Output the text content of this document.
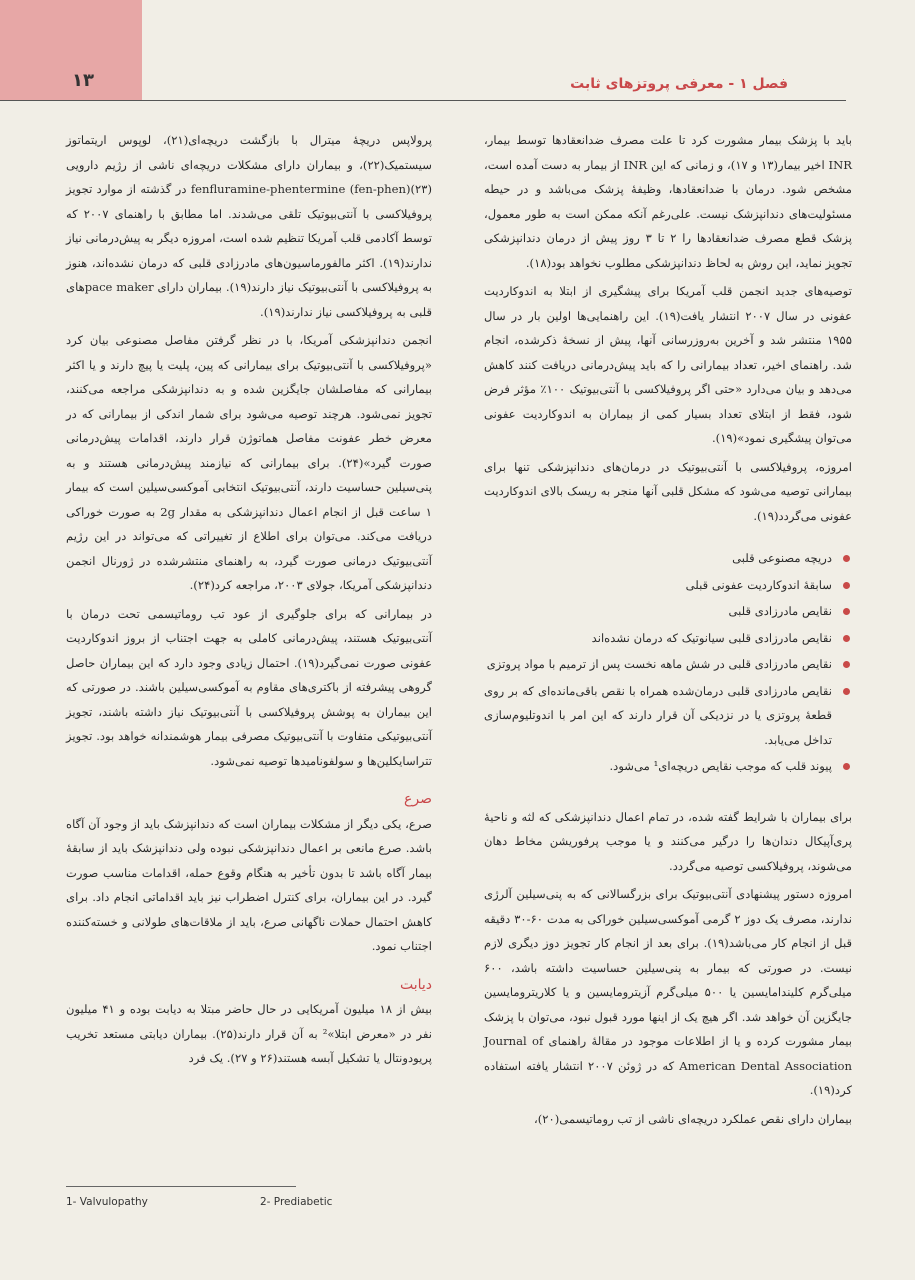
۱۳	فصل ۱ - معرفی پروتزهای ثابت

باید با پزشک بیمار مشورت کرد تا علت مصرف ضدانعقادها توسط بیمار، INR اخیر بیمار(۱۳ و ۱۷)، و زمانی که این INR از بیمار به دست آمده است، مشخص شود. درمان با ضدانعقادها، وظیفهٔ پزشک می‌باشد و در حیطه مسئولیت‌های دندانپزشک نیست. علی‌رغم آنکه ممکن است به طور معمول، پزشک قطع مصرف ضدانعقادها را ۲ تا ۳ روز پیش از درمان دندانپزشکی تجویز نماید، این روش به لحاظ دندانپزشکی مطلوب نخواهد بود(۱۸).

توصیه‌های جدید انجمن قلب آمریکا برای پیشگیری از ابتلا به اندوکاردیت عفونی در سال ۲۰۰۷ انتشار یافت(۱۹). این راهنمایی‌ها اولین بار در سال ۱۹۵۵ منتشر شد و آخرین به‌روزرسانی آنها، پیش از نسخهٔ ذکرشده، انجام شد. راهنمای اخیر، تعداد بیمارانی را که باید پیش‌درمانی دریافت کنند کاهش می‌دهد و بیان می‌دارد «حتی اگر پروفیلاکسی با آنتی‌بیوتیک ۱۰۰٪ مؤثر فرض شود، فقط از ابتلای تعداد بسیار کمی از بیماران به اندوکاردیت عفونی می‌توان پیشگیری نمود»(۱۹).

امروزه، پروفیلاکسی با آنتی‌بیوتیک در درمان‌های دندانپزشکی تنها برای بیمارانی توصیه می‌شود که مشکل قلبی آنها منجر به ریسک بالای اندوکاردیت عفونی می‌گردد(۱۹).

دریچه مصنوعی قلبی
سابقهٔ اندوکاردیت عفونی قبلی
نقایص مادرزادی قلبی
نقایص مادرزادی قلبی سیانوتیک که درمان نشده‌اند
نقایص مادرزادی قلبی در شش ماهه نخست پس از ترمیم با مواد پروتزی
نقایص مادرزادی قلبی درمان‌شده همراه با نقص باقی‌مانده‌ای که بر روی قطعهٔ پروتزی یا در نزدیکی آن قرار دارند که این امر با اندوتلیوم‌سازی تداخل می‌یابد.
پیوند قلب که موجب نقایص دریچه‌ای¹ می‌شود.

برای بیماران با شرایط گفته شده، در تمام اعمال دندانپزشکی که لثه و ناحیهٔ پری‌آپیکال دندان‌ها را درگیر می‌کنند و یا موجب پرفوریشن مخاط دهان می‌شوند، پروفیلاکسی توصیه می‌گردد.

امروزه دستور پیشنهادی آنتی‌بیوتیک برای بزرگسالانی که به پنی‌سیلین آلرژی ندارند، مصرف یک دوز ۲ گرمی آموکسی‌سیلین خوراکی به مدت ۶۰-۳۰ دقیقه قبل از انجام کار می‌باشد(۱۹). برای بعد از انجام کار تجویز دوز دیگری لازم نیست. در صورتی که بیمار به پنی‌سیلین حساسیت داشته باشد، ۶۰۰ میلی‌گرم کلیندامایسین یا ۵۰۰ میلی‌گرم آزیترومایسین و یا کلاریترومایسین جایگزین آن خواهد شد. اگر هیچ یک از اینها مورد قبول نبود، می‌توان با پزشک بیمار مشورت کرده و یا از اطلاعات موجود در مقالهٔ راهنمای Journal of American Dental Association که در ژوئن ۲۰۰۷ انتشار یافته استفاده کرد(۱۹).

بیماران دارای نقص عملکرد دریچه‌ای ناشی از تب روماتیسمی(۲۰)،

پرولاپس دریچهٔ میترال با بازگشت دریچه‌ای(۲۱)، لوپوس اریتماتوز سیستمیک(۲۲)، و بیماران دارای مشکلات دریچه‌ای ناشی از رژیم دارویی fenfluramine-phentermine (fen-phen)(۲۳) در گذشته از موارد تجویز پروفیلاکسی با آنتی‌بیوتیک تلقی می‌شدند. اما مطابق با راهنمای ۲۰۰۷ که توسط آکادمی قلب آمریکا تنظیم شده است، امروزه دیگر به پیش‌درمانی نیاز ندارند(۱۹). اکثر مالفورماسیون‌های مادرزادی قلبی که درمان نشده‌اند، هنوز به پروفیلاکسی با آنتی‌بیوتیک نیاز دارند(۱۹). بیماران دارای pace maker‌های قلبی به پروفیلاکسی نیاز ندارند(۱۹).

انجمن دندانپزشکی آمریکا، با در نظر گرفتن مفاصل مصنوعی بیان کرد «پروفیلاکسی با آنتی‌بیوتیک برای بیمارانی که پین، پلیت یا پیچ دارند و یا اکثر بیمارانی که مفاصلشان جایگزین شده و به دندانپزشکی مراجعه می‌کنند، تجویز نمی‌شود. هرچند توصیه می‌شود برای شمار اندکی از بیمارانی که در معرض خطر عفونت مفاصل هماتوژن قرار دارند، اقدامات پیش‌درمانی صورت گیرد»(۲۴). برای بیمارانی که نیازمند پیش‌درمانی هستند و به پنی‌سیلین حساسیت دارند، آنتی‌بیوتیک انتخابی آموکسی‌سیلین است که بیمار ۱ ساعت قبل از انجام اعمال دندانپزشکی به مقدار 2g به صورت خوراکی دریافت می‌کند. می‌توان برای اطلاع از تغییراتی که می‌تواند در این رژیم آنتی‌بیوتیک درمانی صورت گیرد، به راهنمای منتشرشده در ژورنال انجمن دندانپزشکی آمریکا، جولای ۲۰۰۳، مراجعه کرد(۲۴).

در بیمارانی که برای جلوگیری از عود تب روماتیسمی تحت درمان با آنتی‌بیوتیک هستند، پیش‌درمانی کاملی به جهت اجتناب از بروز اندوکاردیت عفونی صورت نمی‌گیرد(۱۹). احتمال زیادی وجود دارد که این بیماران حاصل گروهی پیشرفته از باکتری‌های مقاوم به آموکسی‌سیلین باشند. در صورتی که این بیماران به پوشش پروفیلاکسی با آنتی‌بیوتیک نیاز داشته باشند، تجویز آنتی‌بیوتیکی متفاوت با آنتی‌بیوتیک مصرفی بیمار هوشمندانه خواهد بود. تجویز تتراسایکلین‌ها و سولفونامیدها توصیه نمی‌شود.

صرع

صرع، یکی دیگر از مشکلات بیماران است که دندانپزشک باید از وجود آن آگاه باشد. صرع مانعی بر اعمال دندانپزشکی نبوده ولی دندانپزشک باید از سابقهٔ بیمار آگاه باشد تا بدون تأخیر به هنگام وقوع حمله، اقدامات مناسب صورت گیرد. در این بیماران، برای کنترل اضطراب نیز باید اقداماتی انجام داد. برای کاهش احتمال حملات ناگهانی صرع، باید از ملاقات‌های طولانی و خسته‌کننده اجتناب نمود.

دیابت

بیش از ۱۸ میلیون آمریکایی در حال حاضر مبتلا به دیابت بوده و ۴۱ میلیون نفر در «معرض ابتلا»² به آن قرار دارند(۲۵). بیماران دیابتی مستعد تخریب پریودونتال یا تشکیل آبسه هستند(۲۶ و ۲۷). یک فرد

1- Valvulopathy	2- Prediabetic
